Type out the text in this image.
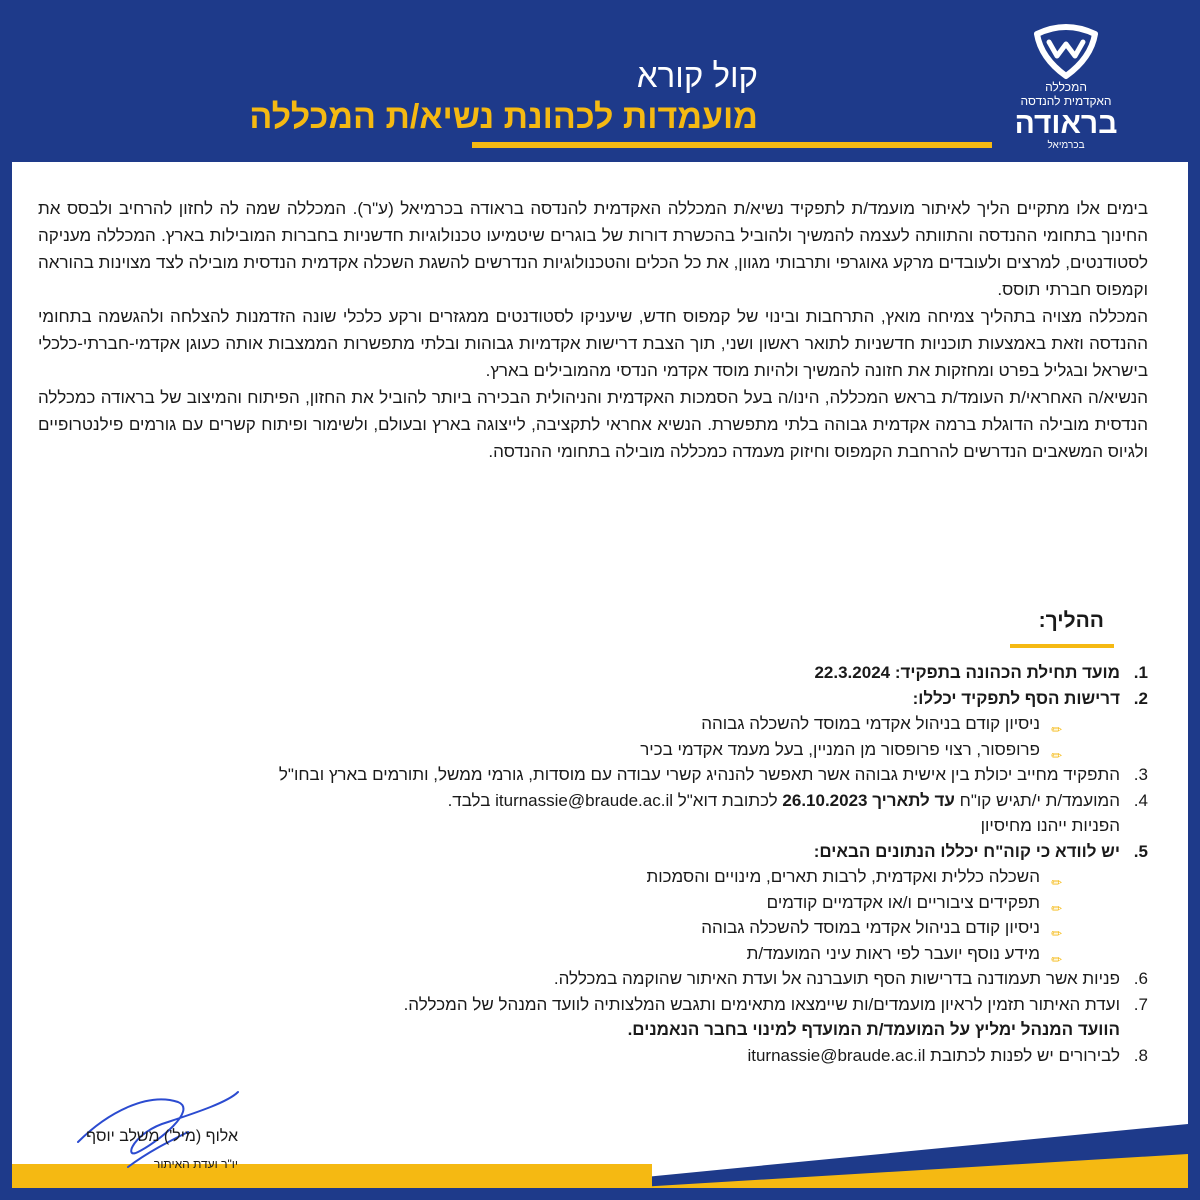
קול קורא
מועמדות לכהונת נשיא/ת המכללה
המכללה
האקדמית להנדסה
בראודה
בכרמיאל

בימים אלו מתקיים הליך לאיתור מועמד/ת לתפקיד נשיא/ת המכללה האקדמית להנדסה בראודה בכרמיאל (ע"ר). המכללה שמה לה לחזון להרחיב ולבסס את החינוך בתחומי ההנדסה והתוותה לעצמה להמשיך ולהוביל בהכשרת דורות של בוגרים שיטמיעו טכנולוגיות חדשניות בחברות המובילות בארץ. המכללה מעניקה לסטודנטים, למרצים ולעובדים מרקע גאוגרפי ותרבותי מגוון, את כל הכלים והטכנולוגיות הנדרשים להשגת השכלה אקדמית הנדסית מובילה לצד מצוינות בהוראה וקמפוס חברתי תוסס.

המכללה מצויה בתהליך צמיחה מואץ, התרחבות ובינוי של קמפוס חדש, שיעניקו לסטודנטים ממגזרים ורקע כלכלי שונה הזדמנות להצלחה ולהגשמה בתחומי ההנדסה וזאת באמצעות תוכניות חדשניות לתואר ראשון ושני, תוך הצבת דרישות אקדמיות גבוהות ובלתי מתפשרות הממצבות אותה כעוגן אקדמי-חברתי-כלכלי בישראל ובגליל בפרט ומחזקות את חזונה להמשיך ולהיות מוסד אקדמי הנדסי מהמובילים בארץ.

הנשיא/ה האחראי/ת העומד/ת בראש המכללה, הינו/ה בעל הסמכות האקדמית והניהולית הבכירה ביותר להוביל את החזון, הפיתוח והמיצוב של בראודה כמכללה הנדסית מובילה הדוגלת ברמה אקדמית גבוהה בלתי מתפשרת. הנשיא אחראי לתקציבה, לייצוגה בארץ ובעולם, ולשימור ופיתוח קשרים עם גורמים פילנטרופיים ולגיוס המשאבים הנדרשים להרחבת הקמפוס וחיזוק מעמדה כמכללה מובילה בתחומי ההנדסה.

ההליך:
1.
מועד תחילת הכהונה בתפקיד: 22.3.2024
2.
דרישות הסף לתפקיד יכללו:
✏
ניסיון קודם בניהול אקדמי במוסד להשכלה גבוהה
✏
פרופסור, רצוי פרופסור מן המניין, בעל מעמד אקדמי בכיר
3.
התפקיד מחייב יכולת בין אישית גבוהה אשר תאפשר להנהיג קשרי עבודה עם מוסדות, גורמי ממשל, ותורמים בארץ ובחו"ל
4.
המועמד/ת י/תגיש קו"ח עד לתאריך 26.10.2023 לכתובת דוא"ל iturnassie@braude.ac.il בלבד.
הפניות ייהנו מחיסיון
5.
יש לוודא כי קוה"ח יכללו הנתונים הבאים:
✏
השכלה כללית ואקדמית, לרבות תארים, מינויים והסמכות
✏
תפקידים ציבוריים ו/או אקדמיים קודמים
✏
ניסיון קודם בניהול אקדמי במוסד להשכלה גבוהה
✏
מידע נוסף יועבר לפי ראות עיני המועמד/ת
6.
פניות אשר תעמודנה בדרישות הסף תועברנה אל ועדת האיתור שהוקמה במכללה.
7.
ועדת האיתור תזמין לראיון מועמדים/ות שיימצאו מתאימים ותגבש המלצותיה לוועד המנהל של המכללה.
הוועד המנהל ימליץ על המועמד/ת המועדף למינוי בחבר הנאמנים.
8.
לבירורים יש לפנות לכתובת iturnassie@braude.ac.il
אלוף (מיל') משלב יוסף
יו"ר ועדת האיתור
